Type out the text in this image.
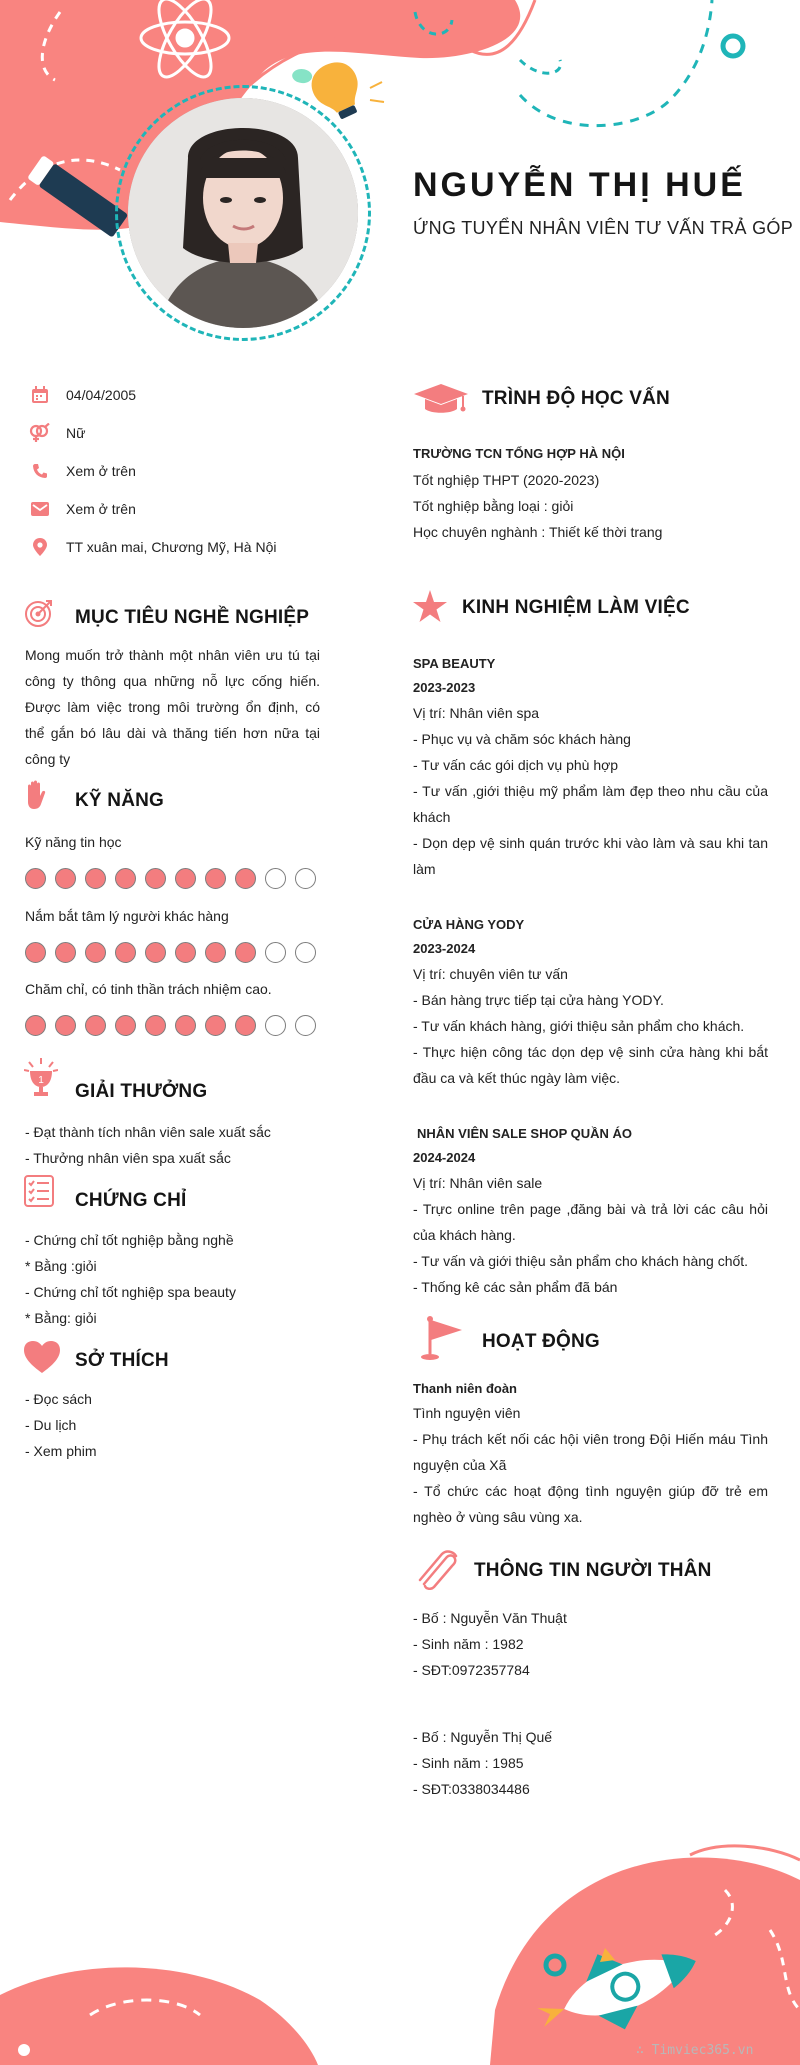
NGUYỄN THỊ HUẾ
ỨNG TUYỂN NHÂN VIÊN TƯ VẤN TRẢ GÓP
04/04/2005
Nữ
Xem ở trên
Xem ở trên
TT xuân mai, Chương Mỹ, Hà Nội
MỤC TIÊU NGHỀ NGHIỆP

Mong muốn trở thành một nhân viên ưu tú tại công ty thông qua những nỗ lực cống hiến. Được làm việc trong môi trường ổn định, có thể gắn bó lâu dài và thăng tiến hơn nữa tại công ty

KỸ NĂNG
Kỹ năng tin học
Nắm bắt tâm lý người khác hàng
Chăm chỉ, có tinh thần trách nhiệm cao.
1
GIẢI THƯỞNG

- Đạt thành tích nhân viên sale xuất sắc

- Thưởng nhân viên spa xuất sắc

CHỨNG CHỈ

- Chứng chỉ tốt nghiệp bằng nghề

* Bằng :giỏi

- Chứng chỉ tốt nghiệp spa beauty

* Bằng: giỏi

SỞ THÍCH

- Đọc sách

- Du lịch

- Xem phim

TRÌNH ĐỘ HỌC VẤN

TRƯỜNG TCN TỔNG HỢP HÀ NỘI

Tốt nghiệp THPT (2020-2023)

Tốt nghiệp bằng loại : giỏi

Học chuyên nghành : Thiết kế thời trang

KINH NGHIỆM LÀM VIỆC

SPA BEAUTY

2023-2023

Vị trí: Nhân viên spa

- Phục vụ và chăm sóc khách hàng

- Tư vấn các gói dịch vụ phù hợp

- Tư vấn ,giới thiệu mỹ phẩm làm đẹp theo nhu cầu của khách

- Dọn dẹp vệ sinh quán trước khi vào làm và sau khi tan làm

CỬA HÀNG YODY

2023-2024

Vị trí: chuyên viên tư vấn

- Bán hàng trực tiếp tại cửa hàng YODY.

- Tư vấn khách hàng, giới thiệu sản phẩm cho khách.

- Thực hiện công tác dọn dẹp vệ sinh cửa hàng khi bắt đầu ca và kết thúc ngày làm việc.

NHÂN VIÊN SALE SHOP QUẦN ÁO

2024-2024

Vị trí: Nhân viên sale

- Trực online trên page ,đăng bài và trả lời các câu hỏi của khách hàng.

- Tư vấn và giới thiệu sản phẩm cho khách hàng chốt.

- Thống kê các sản phẩm đã bán

HOẠT ĐỘNG

Thanh niên đoàn

Tình nguyện viên

- Phụ trách kết nối các hội viên trong Đội Hiến máu Tình nguyện của Xã

- Tổ chức các hoạt động tình nguyện giúp đỡ trẻ em nghèo ở vùng sâu vùng xa.

THÔNG TIN NGƯỜI THÂN

- Bố : Nguyễn Văn Thuật

- Sinh năm : 1982

- SĐT:0972357784

- Bố : Nguyễn Thị Quế

- Sinh năm : 1985

- SĐT:0338034486

∴ Timviec365.vn
